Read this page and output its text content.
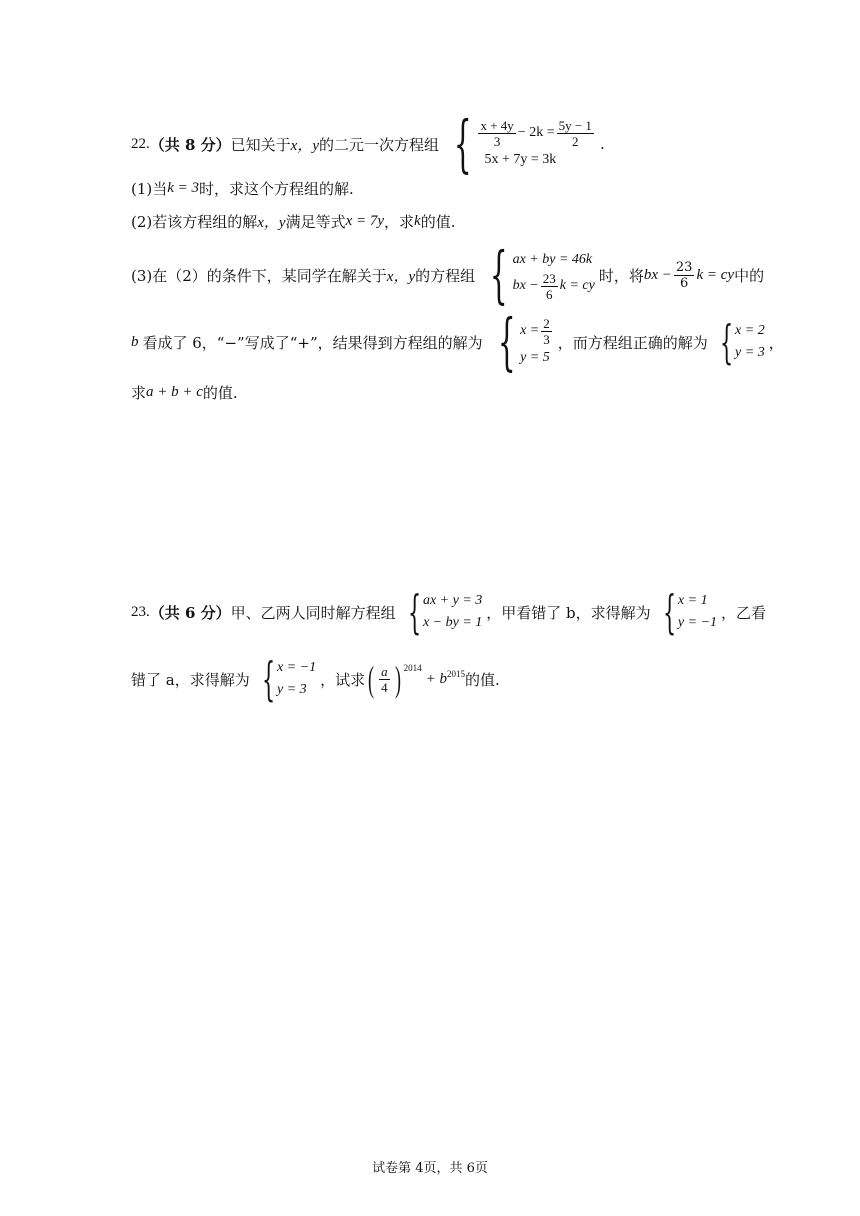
22. （共 8 分） 已知关于 x，y 的二元一次方程组 { $\frac{x + 4y}{3} - 2k = \frac{5y - 1}{2}$
5x + 7y = 3k
.
(1)当 k = 3 时，求这个方程组的解.
(2)若该方程组的解 x，y 满足等式 x = 7y ，求 k 的值.
(3)在（2）的条件下，某同学在解关于 x，y 的方程组 { ax + by = 46k
bx − $\frac{23}{6}$ k = cy
时，将 bx − $\frac{23}{6}$ k = cy 中的
b 看成了 6，“−”写成了“+”，结果得到方程组的解为 { $x = \frac{2}{3}$
y = 5
，而方程组正确的解为 { x = 2
y = 3
，
求 a + b + c 的值.
23. （共 6 分） 甲、乙两人同时解方程组 { ax + y = 3
x − by = 1
，甲看错了 b，求得解为 { x = 1
y = −1
，乙看
错了 a，求得解为 { x = −1
y = 3
，试求 ( $\frac{a}{4}$ ) $^{2014}$
+ $b^{2015}$ 的值.
试卷第 4页，共 6页
